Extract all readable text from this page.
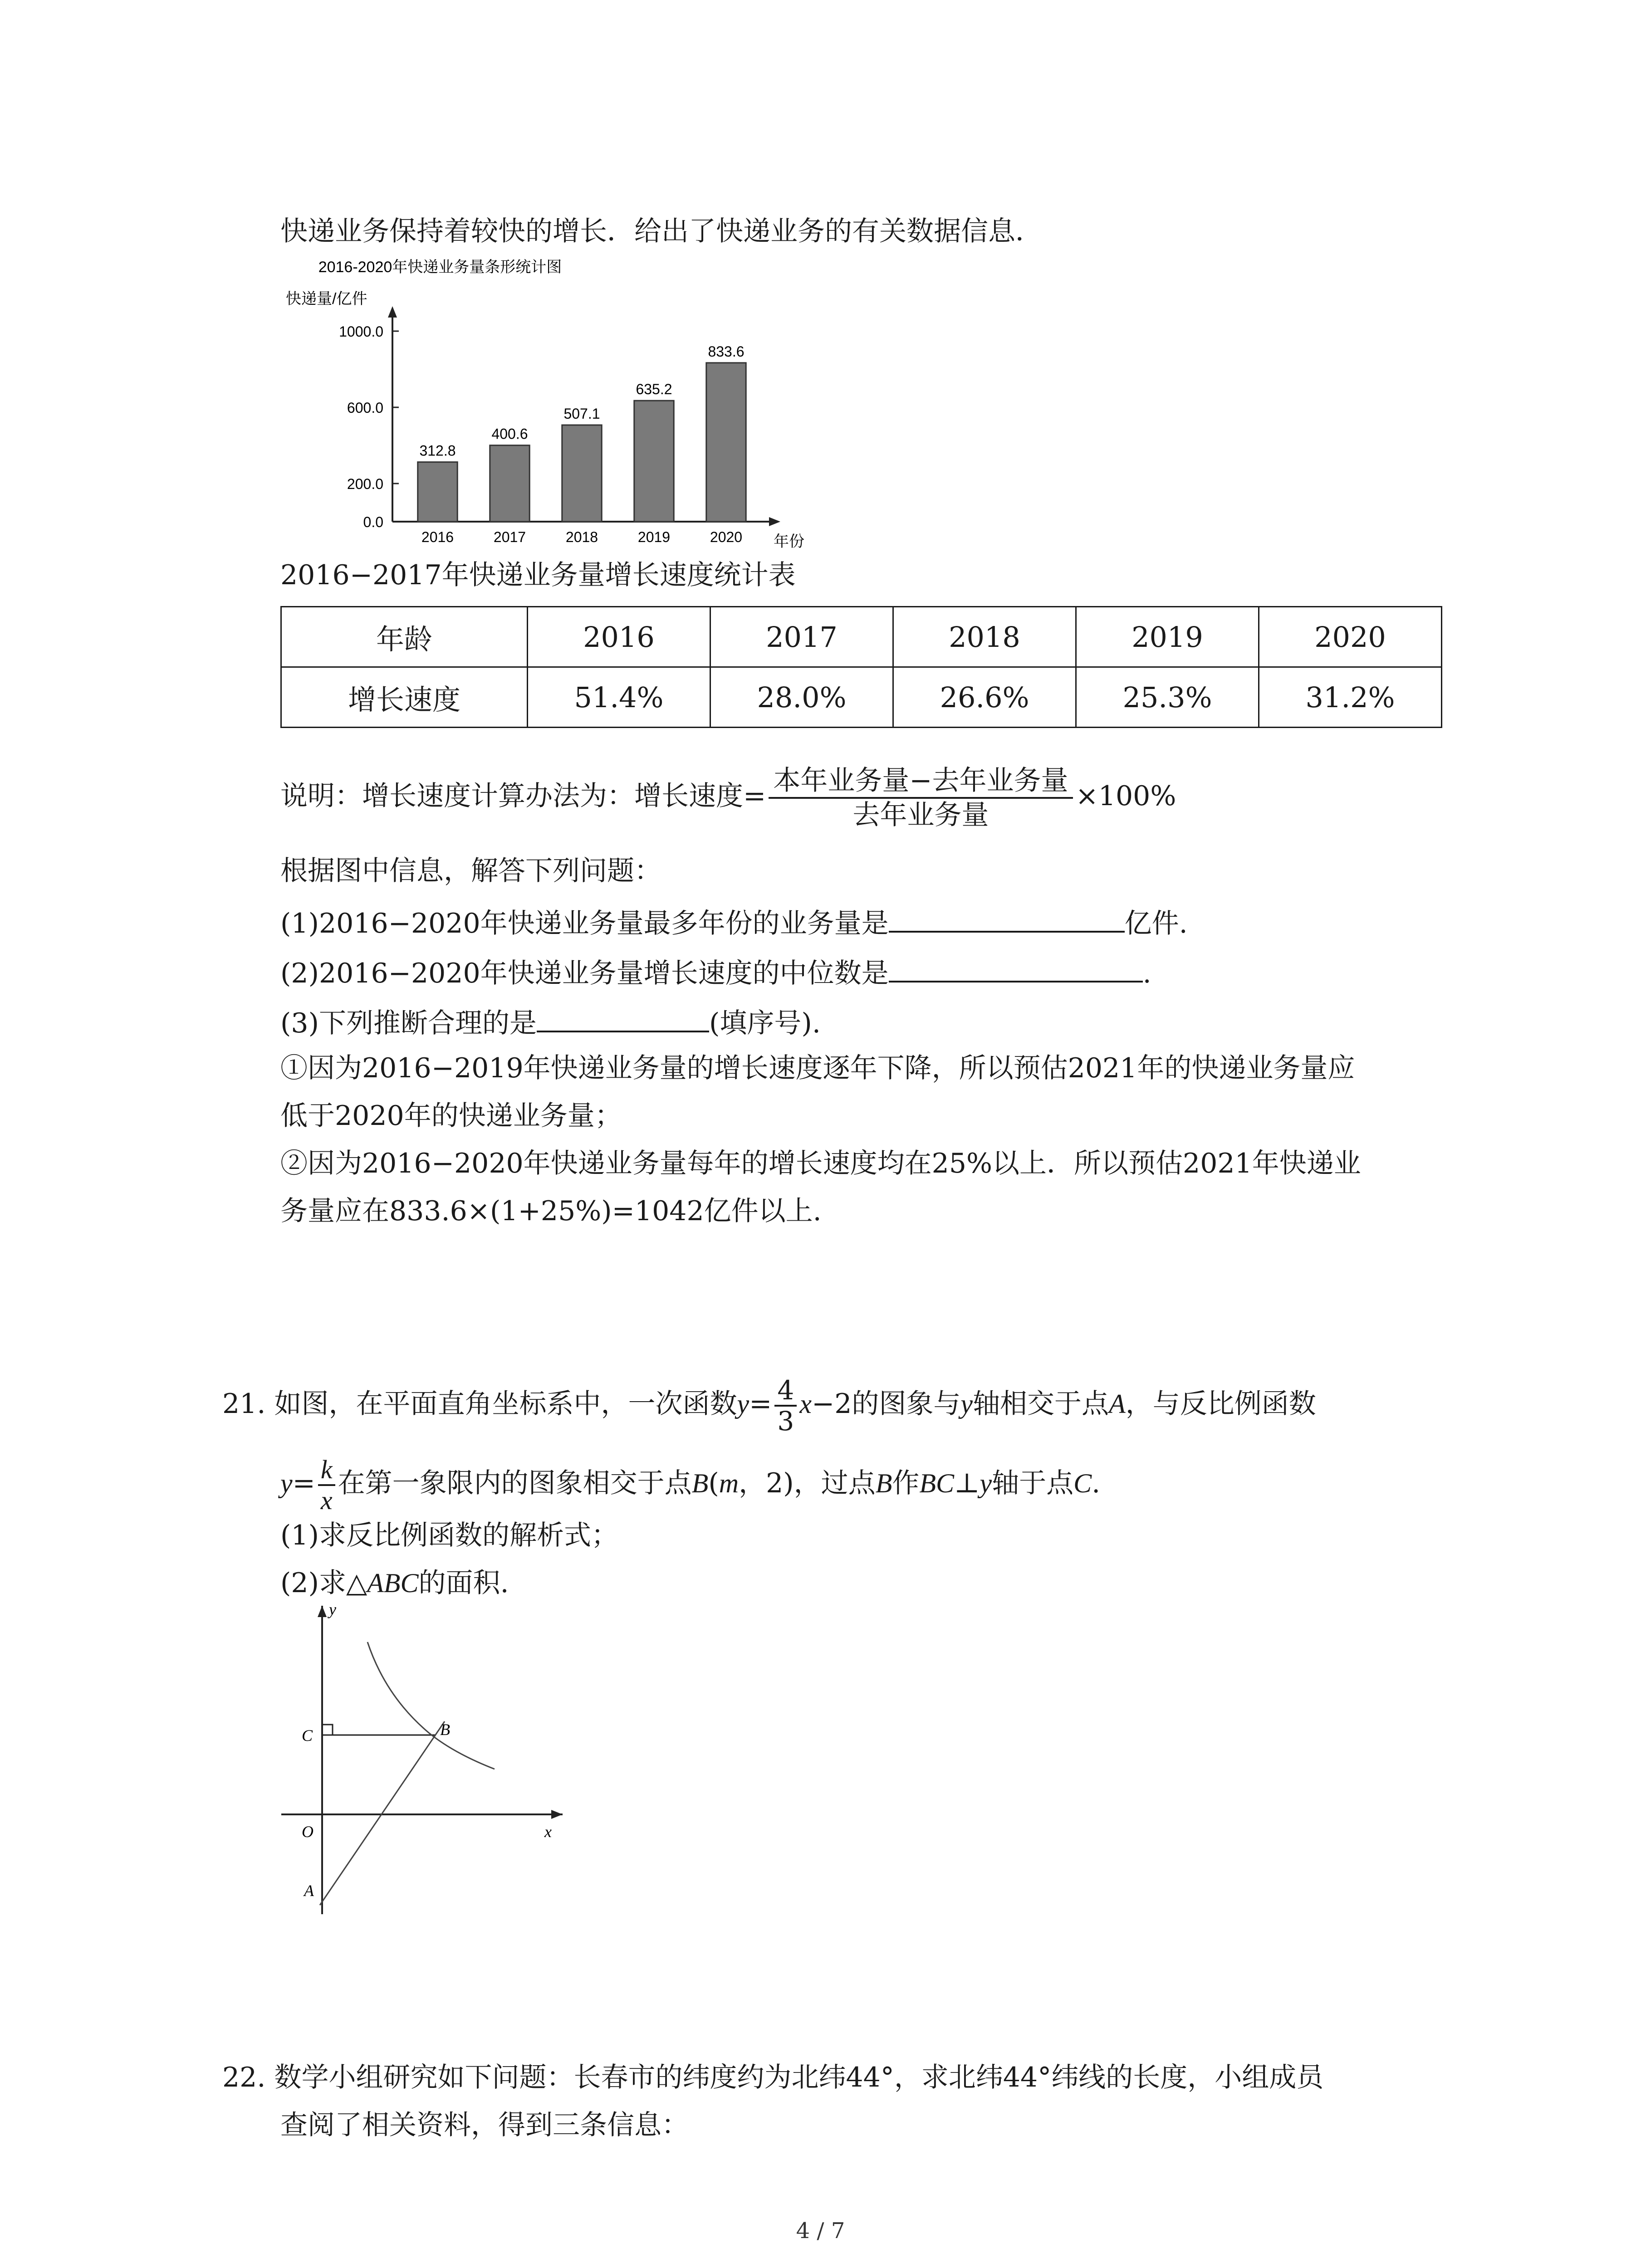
快递业务保持着较快的增长．给出了快递业务的有关数据信息．
2016-2020年快递业务量条形统计图
快递量/亿件
年份
0.0
200.0
600.0
1000.0
2016	2017	2018	2019	2020
312.8
400.6
507.1
635.2
833.6
2016−2017年快递业务量增长速度统计表
年龄	2016	2017	2018	2019	2020
增长速度	51.4%	28.0%	26.6%	25.3%	31.2%
说明：增长速度计算办法为：增长速度= $\frac{\text{本年业务量−去年业务量}}{\text{去年业务量}} \times 100\%$
根据图中信息，解答下列问题：
(1)2016−2020年快递业务量最多年份的业务量是	亿件.
(2)2016−2020年快递业务量增长速度的中位数是	.
(3)下列推断合理的是	(填序号).
①因为2016−2019年快递业务量的增长速度逐年下降，所以预估2021年的快递业务量应
低于2020年的快递业务量；
②因为2016−2020年快递业务量每年的增长速度均在25%以上．所以预估2021年快递业
务量应在833.6×(1+25%)=1042亿件以上.
21. 如图，在平面直角坐标系中，一次函数$y= \frac{4}{3} x-2$的图象与y轴相交于点A，与反比例函数
$y= \frac{k}{x}$ 在第一象限内的图象相交于点B(m，2)，过点B作BC⊥y轴于点C.
(1)求反比例函数的解析式；
(2)求△ABC的面积.
y
x
O
A
B
C
22. 数学小组研究如下问题：长春市的纬度约为北纬44°，求北纬44°纬线的长度，小组成员
查阅了相关资料，得到三条信息：
4 / 7
